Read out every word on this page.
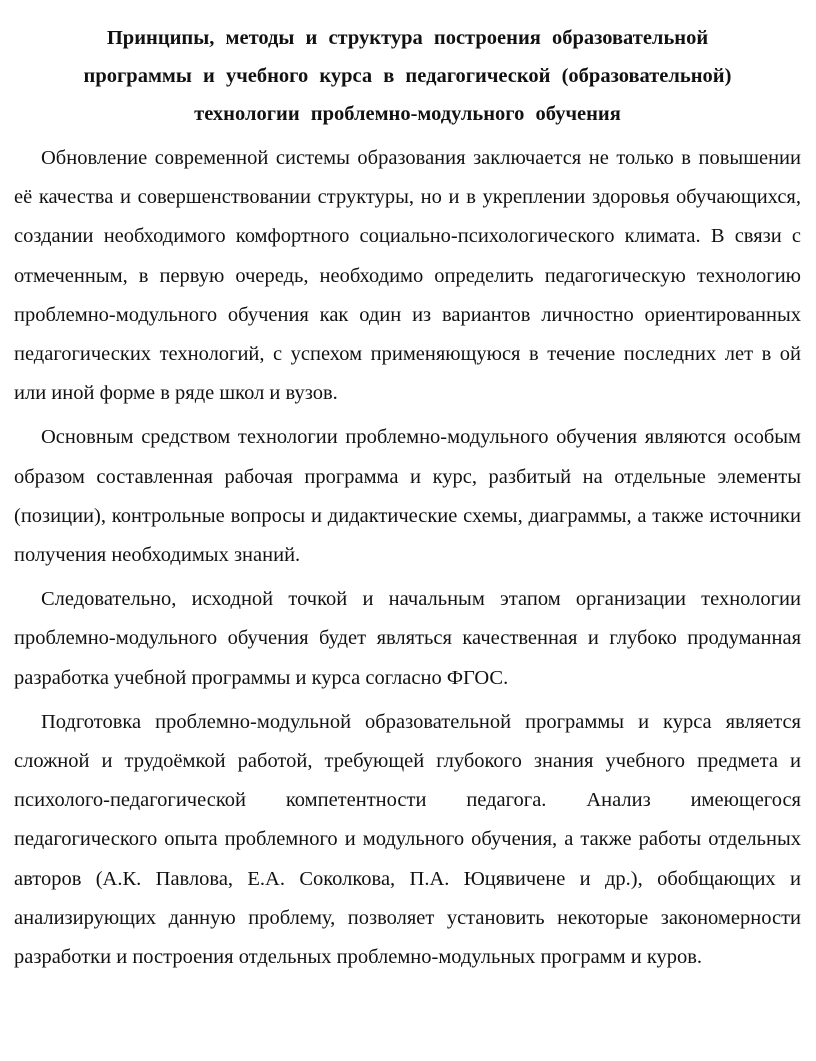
Принципы, методы и структура построения образовательной
программы и учебного курса в педагогической (образовательной)
технологии проблемно-модульного обучения

Обновление современной системы образования заключается не только в повышении её качества и совершенствовании структуры, но и в укреплении здоровья обучающихся, создании необходимого комфортного социально-психологического климата. В связи с отмеченным, в первую очередь, необходимо определить педагогическую технологию проблемно-модульного обучения как один из вариантов личностно ориентированных педагогических технологий, с успехом применяющуюся в течение последних лет в ой или иной форме в ряде школ и вузов.

Основным средством технологии проблемно-модульного обучения являются особым образом составленная рабочая программа и курс, разбитый на отдельные элементы (позиции), контрольные вопросы и дидактические схемы, диаграммы, а также источники получения необходимых знаний.

Следовательно, исходной точкой и начальным этапом организации технологии проблемно-модульного обучения будет являться качественная и глубоко продуманная разработка учебной программы и курса согласно ФГОС.

Подготовка проблемно-модульной образовательной программы и курса является сложной и трудоёмкой работой, требующей глубокого знания учебного предмета и психолого-педагогической компетентности педагога. Анализ имеющегося педагогического опыта проблемного и модульного обучения, а также работы отдельных авторов (А.К. Павлова, Е.А. Соколкова, П.А. Юцявичене и др.), обобщающих и анализирующих данную проблему, позволяет установить некоторые закономерности разработки и построения отдельных проблемно-модульных программ и куров.
